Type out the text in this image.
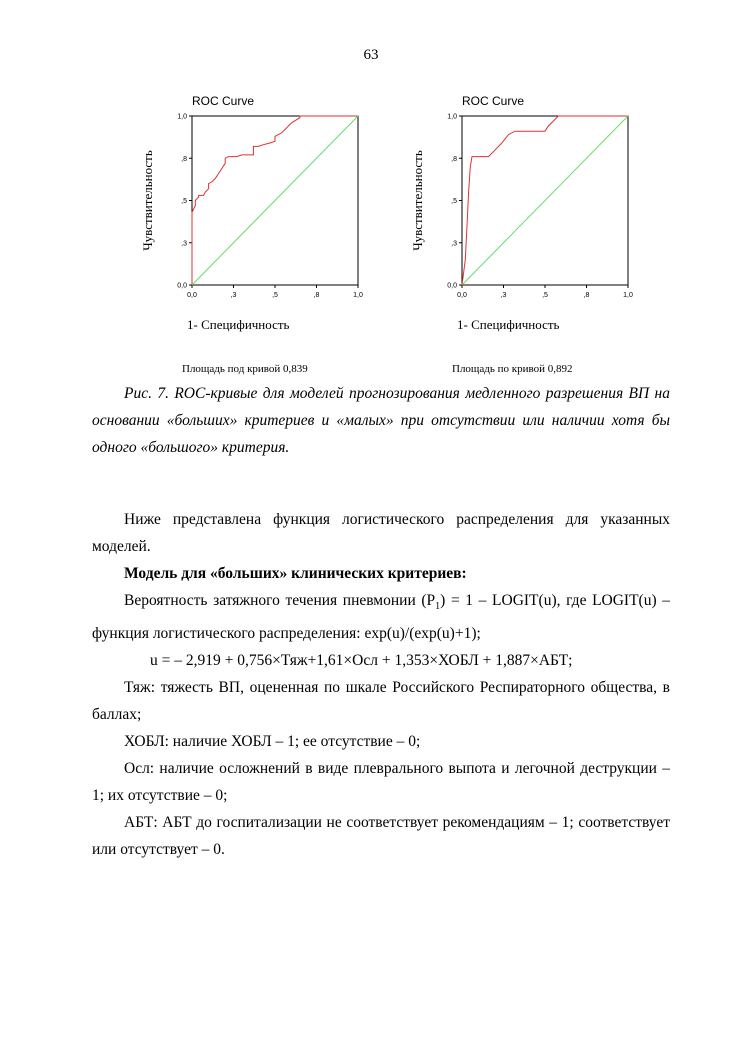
63
ROC Curve
0,0
0,0
,3
,3
,5
,5
,8
,8
1,0
1,0
Чувствительность
1- Специфичность
Площадь под кривой 0,839
ROC Curve
0,0
0,0
,3
,3
,5
,5
,8
,8
1,0
1,0
Чувствительность
1- Специфичность
Площадь по кривой 0,892

Рис. 7. ROC-кривые для моделей прогнозирования медленного разрешения ВП на основании «больших» критериев и «малых» при отсутствии или наличии хотя бы одного «большого» критерия.

Ниже представлена функция логистического распределения для указанных моделей.

Модель для «больших» клинических критериев:

Вероятность затяжного течения пневмонии $(P_1) = 1$ – LOGIT(u), где LOGIT(u) – функция логистического распределения: exp(u)/(exp(u)+1);

u = – 2,919 + 0,756×Тяж+1,61×Осл + 1,353×ХОБЛ + 1,887×АБТ;

Тяж: тяжесть ВП, оцененная по шкале Российского Респираторного общества, в баллах;

ХОБЛ: наличие ХОБЛ – 1; ее отсутствие – 0;

Осл: наличие осложнений в виде плеврального выпота и легочной деструкции – 1; их отсутствие – 0;

АБТ: АБТ до госпитализации не соответствует рекомендациям – 1; соответствует или отсутствует – 0.
